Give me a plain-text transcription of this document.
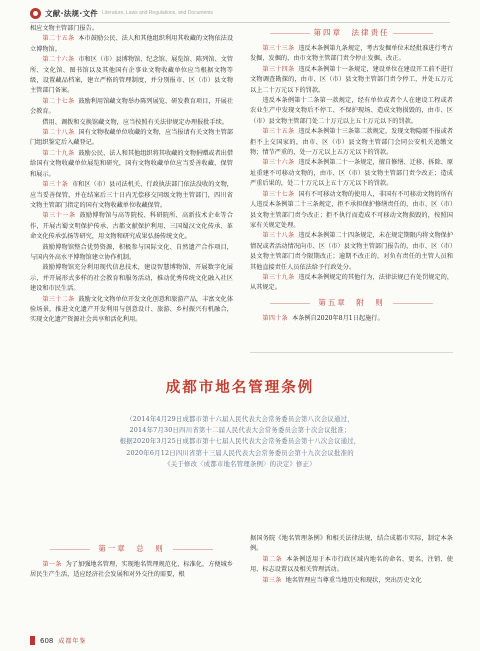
文献·法规·文件 Literature, Laws and Regulations, and Documents

相应文物主管部门报告。

第二十五条 本市鼓励公民、法人和其他组织利用其收藏的文物依法设立博物馆。

第二十六条 市和区（市）县博物馆、纪念馆、展览馆、陈列馆、文管所、文化馆、图书馆以及其他国有企事业文物收藏单位应当根据文物等级，设置藏品档案，建立严格的管理制度，并分别报市、区（市）县文物主管部门备案。

第二十七条 鼓励利用馆藏文物举办陈列展览、研发教育项目，开展社会教育。

借用、调拨和交换馆藏文物，应当按照有关法律规定办理报批手续。

第二十八条 国有文物收藏单位收藏的文物，应当报请有关文物主管部门组织鉴定后入藏登记。

第二十九条 鼓励公民、法人和其他组织将其收藏的文物捐赠或者出借给国有文物收藏单位展览和研究，国有文物收藏单位应当妥善收藏、保管和展示。

第三十条 市和区（市）县司法机关、行政执法部门依法没收的文物，应当妥善保管，并在结案后三十日内无偿移交同级文物主管部门，四川省文物主管部门指定的国有文物收藏单位收藏保管。

第三十一条 鼓励博物馆与高等院校、科研院所、高新技术企业等合作，开展古蜀文明保护传承、古都文献保护利用、三国蜀汉文化传承、革命文化传承弘扬等研究，用文物和研究成果弘扬传统文化。

鼓励博物馆整合优势资源，积极参与国际文化、自然遗产合作项目，与国内外高水平博物馆建立协作机制。

鼓励博物馆充分利用现代信息技术，建设智慧博物馆，开展数字化展示，并开展形式多样的社会教育和服务活动，推动优秀传统文化融入社区建设和市民生活。

第三十二条 鼓励文化文物单位开发文化创意和旅游产品，丰富文化体验场景，推进文化遗产开发利用与创意设计、旅游、乡村振兴有机融合，实现文化遗产资源社会共享和活化利用。

第四章　法律责任

第三十三条 违反本条例第九条规定，考古发掘单位未经批准进行考古发掘，发掘的，由市文物主管部门责令停止发掘、改正。

第三十四条 违反本条例第十一条规定，建设单位在建设开工前不进行文物调查勘探的，由市、区（市）县文物主管部门责令停工，并处五万元以上二十万元以下的罚款。

违反本条例第十二条第一款规定，经有单位或者个人在建设工程或者农业生产中发现文物后不停工、不保护现场、造成文物损毁的，由市、区（市）县文物主管部门处二十万元以上五十万元以下的罚款。

第三十五条 违反本条例第十三条第二款规定，发现文物隐匿不报或者拒不上交国家的，由市、区（市）县文物主管部门会同公安机关追缴文物；情节严重的，处一万元以上五万元以下的罚款。

第三十六条 违反本条例第二十一条规定，擅自修缮、迁移、拆除、原址重建不可移动文物的，由市、区（市）县文物主管部门责令改正；造成严重后果的，处二十万元以上五十万元以下的罚款。

第三十七条 国有不可移动文物的使用人，非国有不可移动文物的所有人违反本条例第二十三条规定，拒不承担保护修缮责任的，由市、区（市）县文物主管部门责令改正；拒不执行而造成不可移动文物损毁的，按照国家有关规定处理。

第三十八条 违反本条例第二十四条规定，未在规定期限内将文物保护情况或者活动情况向市、区（市）县文物主管部门报告的，由市、区（市）县文物主管部门责令限期改正；逾期不改正的，对负有责任的主管人员和其他直接责任人员依法给予行政处分。

第三十九条 违反本条例规定的其他行为，法律法规已有处罚规定的，从其规定。

第五章　附　则

第四十条 本条例自2020年8月1日起施行。

成都市地名管理条例
（2014年4月29日成都市第十六届人民代表大会常务委员会第八次会议通过，
2014年7月30日四川省第十二届人民代表大会常务委员会第十次会议批准；
根据2020年3月25日成都市第十七届人民代表大会常务委员会第十八次会议通过，
2020年6月12日四川省第十三届人民代表大会常务委员会第十九次会议批准的
《关于修改〈成都市地名管理条例〉的决定》修正）
第一章　总　则

第一条 为了加强地名管理，实现地名管理规范化、标准化，方便城乡居民生产生活，适应经济社会发展和对外交往的需要，根

据国务院《地名管理条例》和相关法律法规，结合成都市实际，制定本条例。

第二条 本条例适用于本市行政区域内地名的命名、更名、注销、使用、标志设置以及相关管理活动。

第三条 地名管理应当尊重当地历史和现状，突出历史文化

608 成都年鉴
